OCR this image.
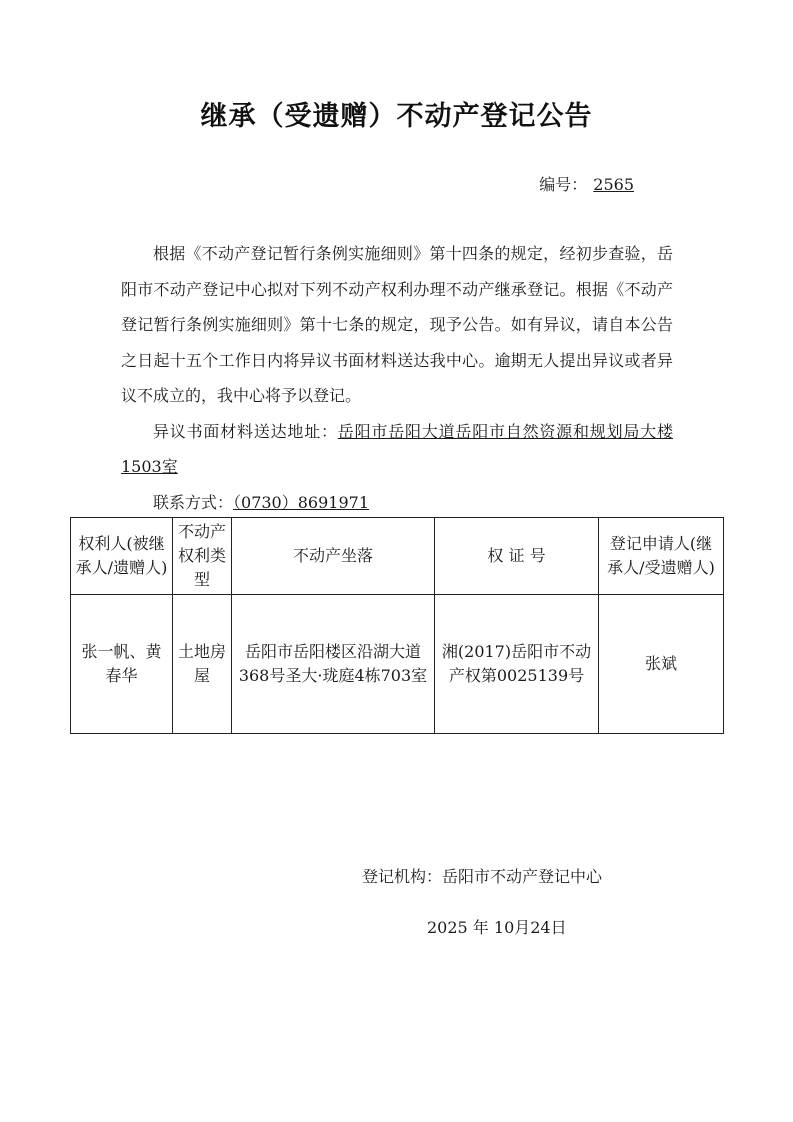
继承（受遗赠）不动产登记公告
编号： 2565

根据《不动产登记暂行条例实施细则》第十四条的规定，经初步查验，岳阳市不动产登记中心拟对下列不动产权利办理不动产继承登记。根据《不动产登记暂行条例实施细则》第十七条的规定，现予公告。如有异议，请自本公告之日起十五个工作日内将异议书面材料送达我中心。逾期无人提出异议或者异议不成立的，我中心将予以登记。

异议书面材料送达地址：岳阳市岳阳大道岳阳市自然资源和规划局大楼1503室

联系方式：（0730）8691971

权利人(被继承人/遗赠人)	不动产权利类型	不动产坐落	权 证 号	登记申请人(继承人/受遗赠人)
张一帆、黄春华	土地房屋	岳阳市岳阳楼区沿湖大道368号圣大·珑庭4栋703室	湘(2017)岳阳市不动产权第0025139号	张斌
登记机构：岳阳市不动产登记中心
2025 年 10月24日
